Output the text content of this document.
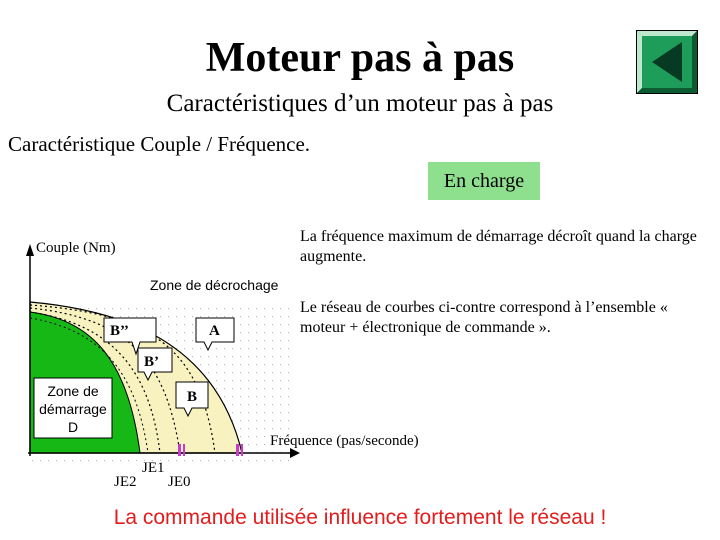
Moteur pas à pas
Caractéristiques d’un moteur pas à pas
Caractéristique Couple / Fréquence.
En charge
La fréquence maximum de démarrage décroît quand la charge augmente.
Le réseau de courbes ci-contre correspond à l’ensemble « moteur + électronique de commande ».
Couple (Nm)
Fréquence (pas/seconde)
Zone de décrochage
B’’	A
B’
B
Zone de
démarrage
D
JE1
JE2 JE0
La commande utilisée influence fortement le réseau !
